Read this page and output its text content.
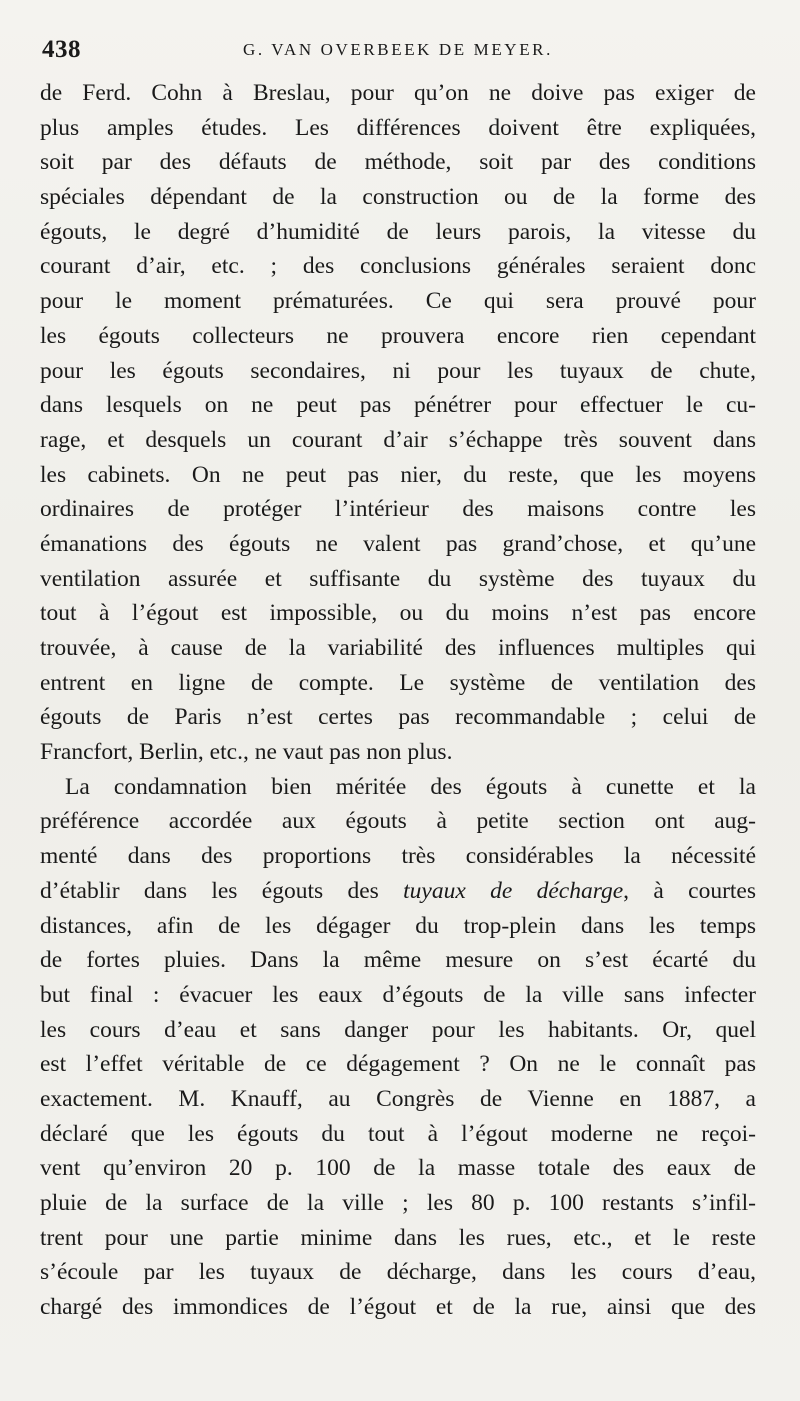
438	G. VAN OVERBEEK DE MEYER.
de Ferd. Cohn à Breslau, pour qu’on ne doive pas exiger de
plus amples études. Les différences doivent être expliquées,
soit par des défauts de méthode, soit par des conditions
spéciales dépendant de la construction ou de la forme des
égouts, le degré d’humidité de leurs parois, la vitesse du
courant d’air, etc. ; des conclusions générales seraient donc
pour le moment prématurées. Ce qui sera prouvé pour
les égouts collecteurs ne prouvera encore rien cependant
pour les égouts secondaires, ni pour les tuyaux de chute,
dans lesquels on ne peut pas pénétrer pour effectuer le cu-
rage, et desquels un courant d’air s’échappe très souvent dans
les cabinets. On ne peut pas nier, du reste, que les moyens
ordinaires de protéger l’intérieur des maisons contre les
émanations des égouts ne valent pas grand’chose, et qu’une
ventilation assurée et suffisante du système des tuyaux du
tout à l’égout est impossible, ou du moins n’est pas encore
trouvée, à cause de la variabilité des influences multiples qui
entrent en ligne de compte. Le système de ventilation des
égouts de Paris n’est certes pas recommandable ; celui de
Francfort, Berlin, etc., ne vaut pas non plus.
La condamnation bien méritée des égouts à cunette et la
préférence accordée aux égouts à petite section ont aug-
menté dans des proportions très considérables la nécessité
d’établir dans les égouts des tuyaux de décharge, à courtes
distances, afin de les dégager du trop-plein dans les temps
de fortes pluies. Dans la même mesure on s’est écarté du
but final : évacuer les eaux d’égouts de la ville sans infecter
les cours d’eau et sans danger pour les habitants. Or, quel
est l’effet véritable de ce dégagement ? On ne le connaît pas
exactement. M. Knauff, au Congrès de Vienne en 1887, a
déclaré que les égouts du tout à l’égout moderne ne reçoi-
vent qu’environ 20 p. 100 de la masse totale des eaux de
pluie de la surface de la ville ; les 80 p. 100 restants s’infil-
trent pour une partie minime dans les rues, etc., et le reste
s’écoule par les tuyaux de décharge, dans les cours d’eau,
chargé des immondices de l’égout et de la rue, ainsi que des
